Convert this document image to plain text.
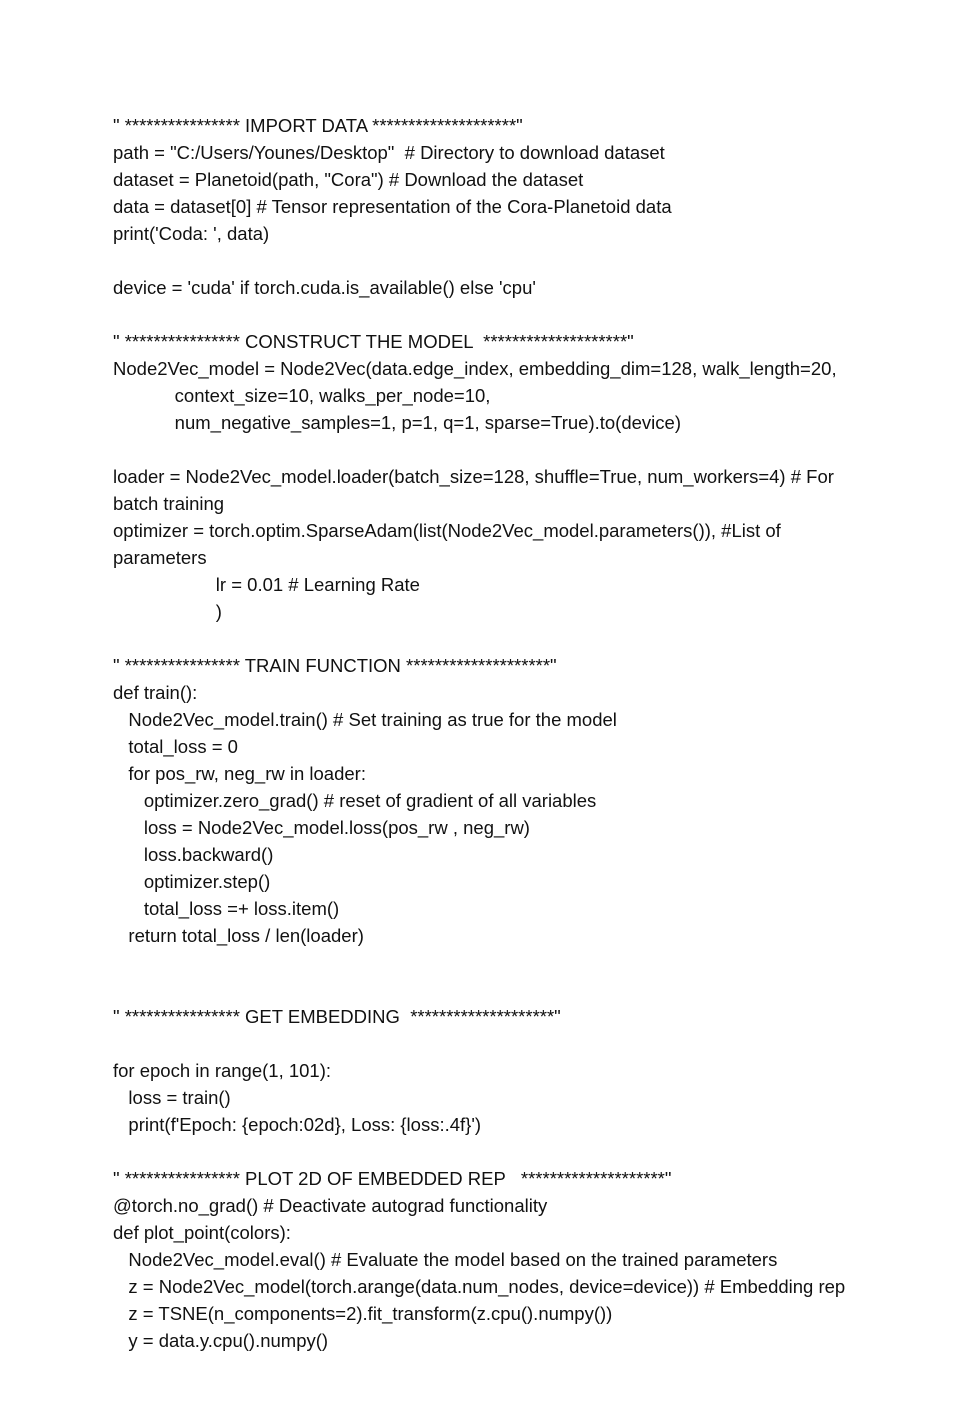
" **************** IMPORT DATA ********************"
path = "C:/Users/Younes/Desktop"  # Directory to download dataset
dataset = Planetoid(path, "Cora") # Download the dataset
data = dataset[0] # Tensor representation of the Cora-Planetoid data
print('Coda: ', data)
device = 'cuda' if torch.cuda.is_available() else 'cpu'
" **************** CONSTRUCT THE MODEL  ********************"
Node2Vec_model = Node2Vec(data.edge_index, embedding_dim=128, walk_length=20,
context_size=10, walks_per_node=10,
num_negative_samples=1, p=1, q=1, sparse=True).to(device)
loader = Node2Vec_model.loader(batch_size=128, shuffle=True, num_workers=4) # For
batch training
optimizer = torch.optim.SparseAdam(list(Node2Vec_model.parameters()), #List of
parameters
lr = 0.01 # Learning Rate
)
" **************** TRAIN FUNCTION ********************"
def train():
Node2Vec_model.train() # Set training as true for the model
total_loss = 0
for pos_rw, neg_rw in loader:
optimizer.zero_grad() # reset of gradient of all variables
loss = Node2Vec_model.loss(pos_rw , neg_rw)
loss.backward()
optimizer.step()
total_loss =+ loss.item()
return total_loss / len(loader)
" **************** GET EMBEDDING  ********************"
for epoch in range(1, 101):
loss = train()
print(f'Epoch: {epoch:02d}, Loss: {loss:.4f}')
" **************** PLOT 2D OF EMBEDDED REP   ********************"
@torch.no_grad() # Deactivate autograd functionality
def plot_point(colors):
Node2Vec_model.eval() # Evaluate the model based on the trained parameters
z = Node2Vec_model(torch.arange(data.num_nodes, device=device)) # Embedding rep
z = TSNE(n_components=2).fit_transform(z.cpu().numpy())
y = data.y.cpu().numpy()
